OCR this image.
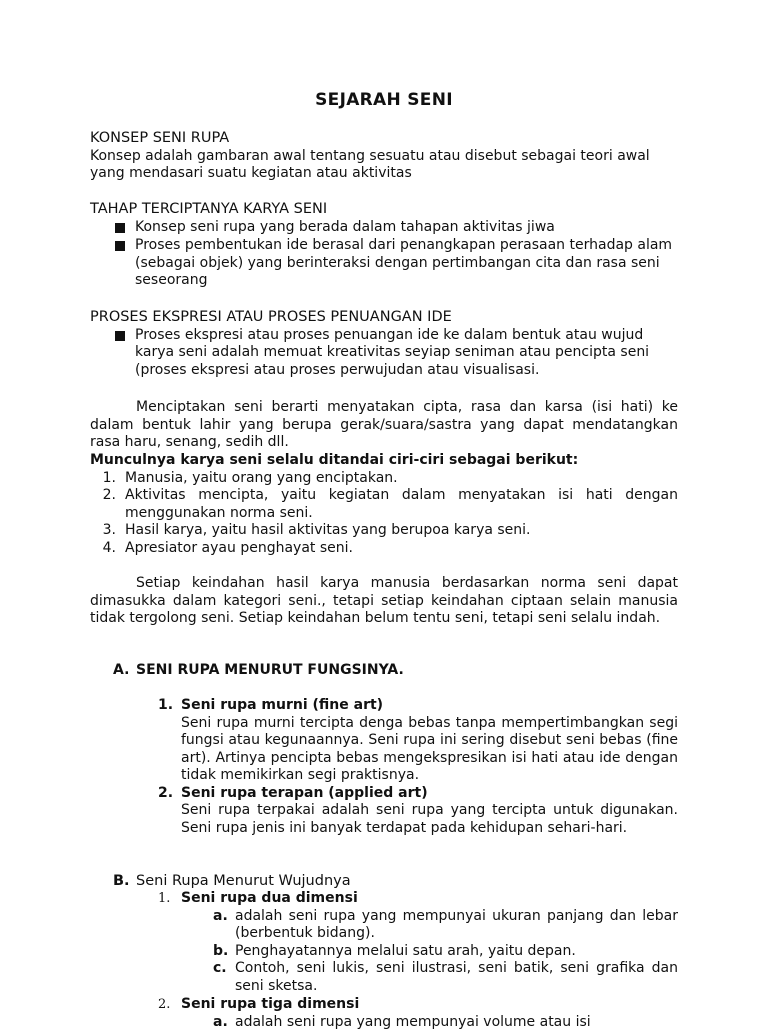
SEJARAH SENI
KONSEP SENI RUPA
Konsep adalah gambaran awal tentang sesuatu atau disebut sebagai teori awal yang mendasari suatu kegiatan atau aktivitas
TAHAP TERCIPTANYA KARYA SENI
Konsep seni rupa yang berada dalam tahapan aktivitas jiwa
Proses pembentukan ide berasal dari penangkapan perasaan terhadap alam (sebagai objek) yang berinteraksi dengan pertimbangan cita dan rasa seni seseorang
PROSES EKSPRESI ATAU PROSES PENUANGAN IDE
Proses ekspresi atau proses penuangan ide ke dalam bentuk atau wujud karya seni adalah memuat kreativitas seyiap seniman atau pencipta seni (proses ekspresi atau proses perwujudan atau visualisasi.
Menciptakan seni berarti menyatakan cipta, rasa dan karsa (isi hati) ke dalam bentuk lahir yang berupa gerak/suara/sastra yang dapat mendatangkan rasa haru, senang, sedih dll.
Munculnya karya seni selalu ditandai ciri-ciri sebagai berikut:
1. Manusia, yaitu orang yang enciptakan.
2. Aktivitas mencipta, yaitu kegiatan dalam menyatakan isi hati dengan menggunakan norma seni.
3. Hasil karya, yaitu hasil aktivitas yang berupoa karya seni.
4. Apresiator ayau penghayat seni.
Setiap keindahan hasil karya manusia berdasarkan norma seni dapat dimasukka dalam kategori seni., tetapi setiap keindahan ciptaan selain manusia tidak tergolong seni. Setiap keindahan belum tentu seni, tetapi seni selalu indah.
A. SENI RUPA MENURUT FUNGSINYA.
1. Seni rupa murni (fine art)
Seni rupa murni tercipta denga bebas tanpa mempertimbangkan segi fungsi atau kegunaannya. Seni rupa ini sering disebut seni bebas (fine art). Artinya pencipta bebas mengekspresikan isi hati atau ide dengan tidak memikirkan segi praktisnya.
2. Seni rupa terapan (applied art)
Seni rupa terpakai adalah seni rupa yang tercipta untuk digunakan. Seni rupa jenis ini banyak terdapat pada kehidupan sehari-hari.
B. Seni Rupa Menurut Wujudnya
1. Seni rupa dua dimensi
a. adalah seni rupa yang mempunyai ukuran panjang dan lebar (berbentuk bidang).
b. Penghayatannya melalui satu arah, yaitu depan.
c. Contoh, seni lukis, seni ilustrasi, seni batik, seni grafika dan seni sketsa.
2. Seni rupa tiga dimensi
a. adalah seni rupa yang mempunyai volume atau isi
